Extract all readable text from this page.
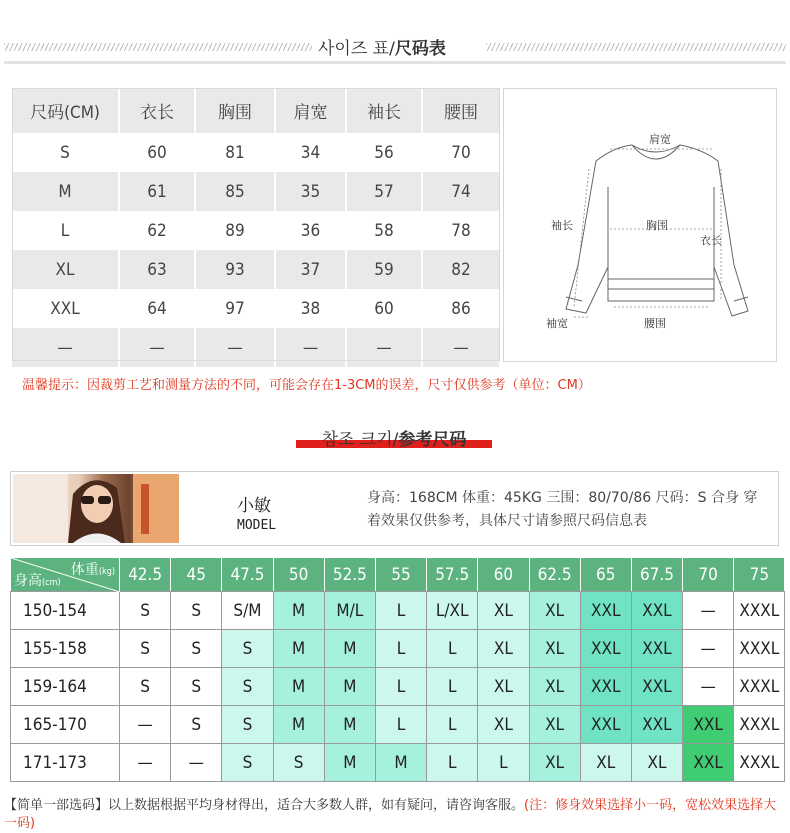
사이즈 표/尺码表
尺码(CM)	衣长	胸围	肩宽	袖长	腰围
S	60	81	34	56	70
M	61	85	35	57	74
L	62	89	36	58	78
XL	63	93	37	59	82
XXL	64	97	38	60	86
—	—	—	—	—	—
肩宽
袖长	胸围
衣长
袖宽	腰围
温馨提示：因裁剪工艺和测量方法的不同，可能会存在1-3CM的误差，尺寸仅供参考（单位：CM）
참조 크기/参考尺码
小敏
MODEL
身高：168CM 体重：45KG 三围：80/70/86 尺码：S 合身 穿着效果仅供参考，具体尺寸请参照尺码信息表
体重(kg)
身高(cm)	42.5	45	47.5	50	52.5	55	57.5	60	62.5	65	67.5	70	75
150-154	S	S	S/M	M	M/L	L	L/XL	XL	XL	XXL	XXL	—	XXXL
155-158	S	S	S	M	M	L	L	XL	XL	XXL	XXL	—	XXXL
159-164	S	S	S	M	M	L	L	XL	XL	XXL	XXL	—	XXXL
165-170	—	S	S	M	M	L	L	XL	XL	XXL	XXL	XXL	XXXL
171-173	—	—	S	S	M	M	L	L	XL	XL	XL	XXL	XXXL
【简单一部选码】以上数据根据平均身材得出，适合大多数人群，如有疑问，请咨询客服。(注：修身效果选择小一码，宽松效果选择大一码)
